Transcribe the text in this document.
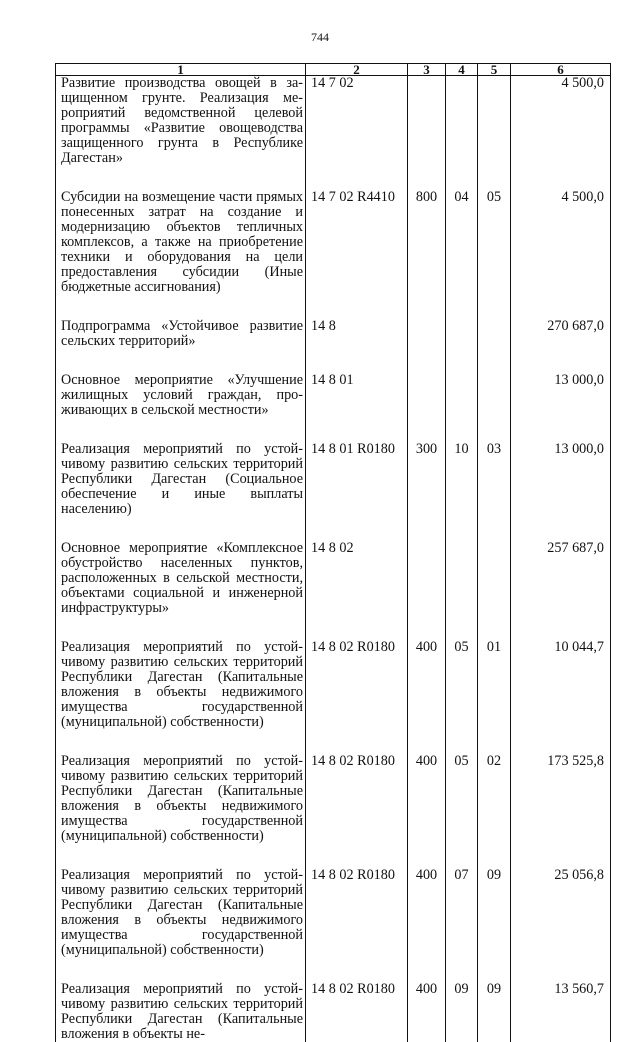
744
1	2	3	4	5	6
Развитие производства овощей в защищенном грунте. Реализация мероприятий ведомственной целевой программы «Развитие овощеводства защищенного грунта в Республике Дагестан»	14 7 02				4 500,0
Субсидии на возмещение части прямых понесенных затрат на создание и модернизацию объектов тепличных комплексов, а также на приобретение техники и оборудования на цели предоставления субсидии (Иные бюджетные ассигнования)	14 7 02 R4410	800	04	05	4 500,0
Подпрограмма «Устойчивое развитие сельских территорий»	14 8				270 687,0
Основное мероприятие «Улучшение жилищных условий граждан, проживающих в сельской местности»	14 8 01				13 000,0
Реализация мероприятий по устойчивому развитию сельских территорий Республики Дагестан (Социальное обеспечение и иные выплаты населению)	14 8 01 R0180	300	10	03	13 000,0
Основное мероприятие «Комплексное обустройство населенных пунктов, расположенных в сельской местности, объектами социальной и инженерной инфраструктуры»	14 8 02				257 687,0
Реализация мероприятий по устойчивому развитию сельских территорий Республики Дагестан (Капитальные вложения в объекты недвижимого имущества государственной (муниципальной) собственности)	14 8 02 R0180	400	05	01	10 044,7
Реализация мероприятий по устойчивому развитию сельских территорий Республики Дагестан (Капитальные вложения в объекты недвижимого имущества государственной (муниципальной) собственности)	14 8 02 R0180	400	05	02	173 525,8
Реализация мероприятий по устойчивому развитию сельских территорий Республики Дагестан (Капитальные вложения в объекты недвижимого имущества государственной (муниципальной) собственности)	14 8 02 R0180	400	07	09	25 056,8
Реализация мероприятий по устойчивому развитию сельских территорий Республики Дагестан (Капитальные вложения в объекты не-	14 8 02 R0180	400	09	09	13 560,7
